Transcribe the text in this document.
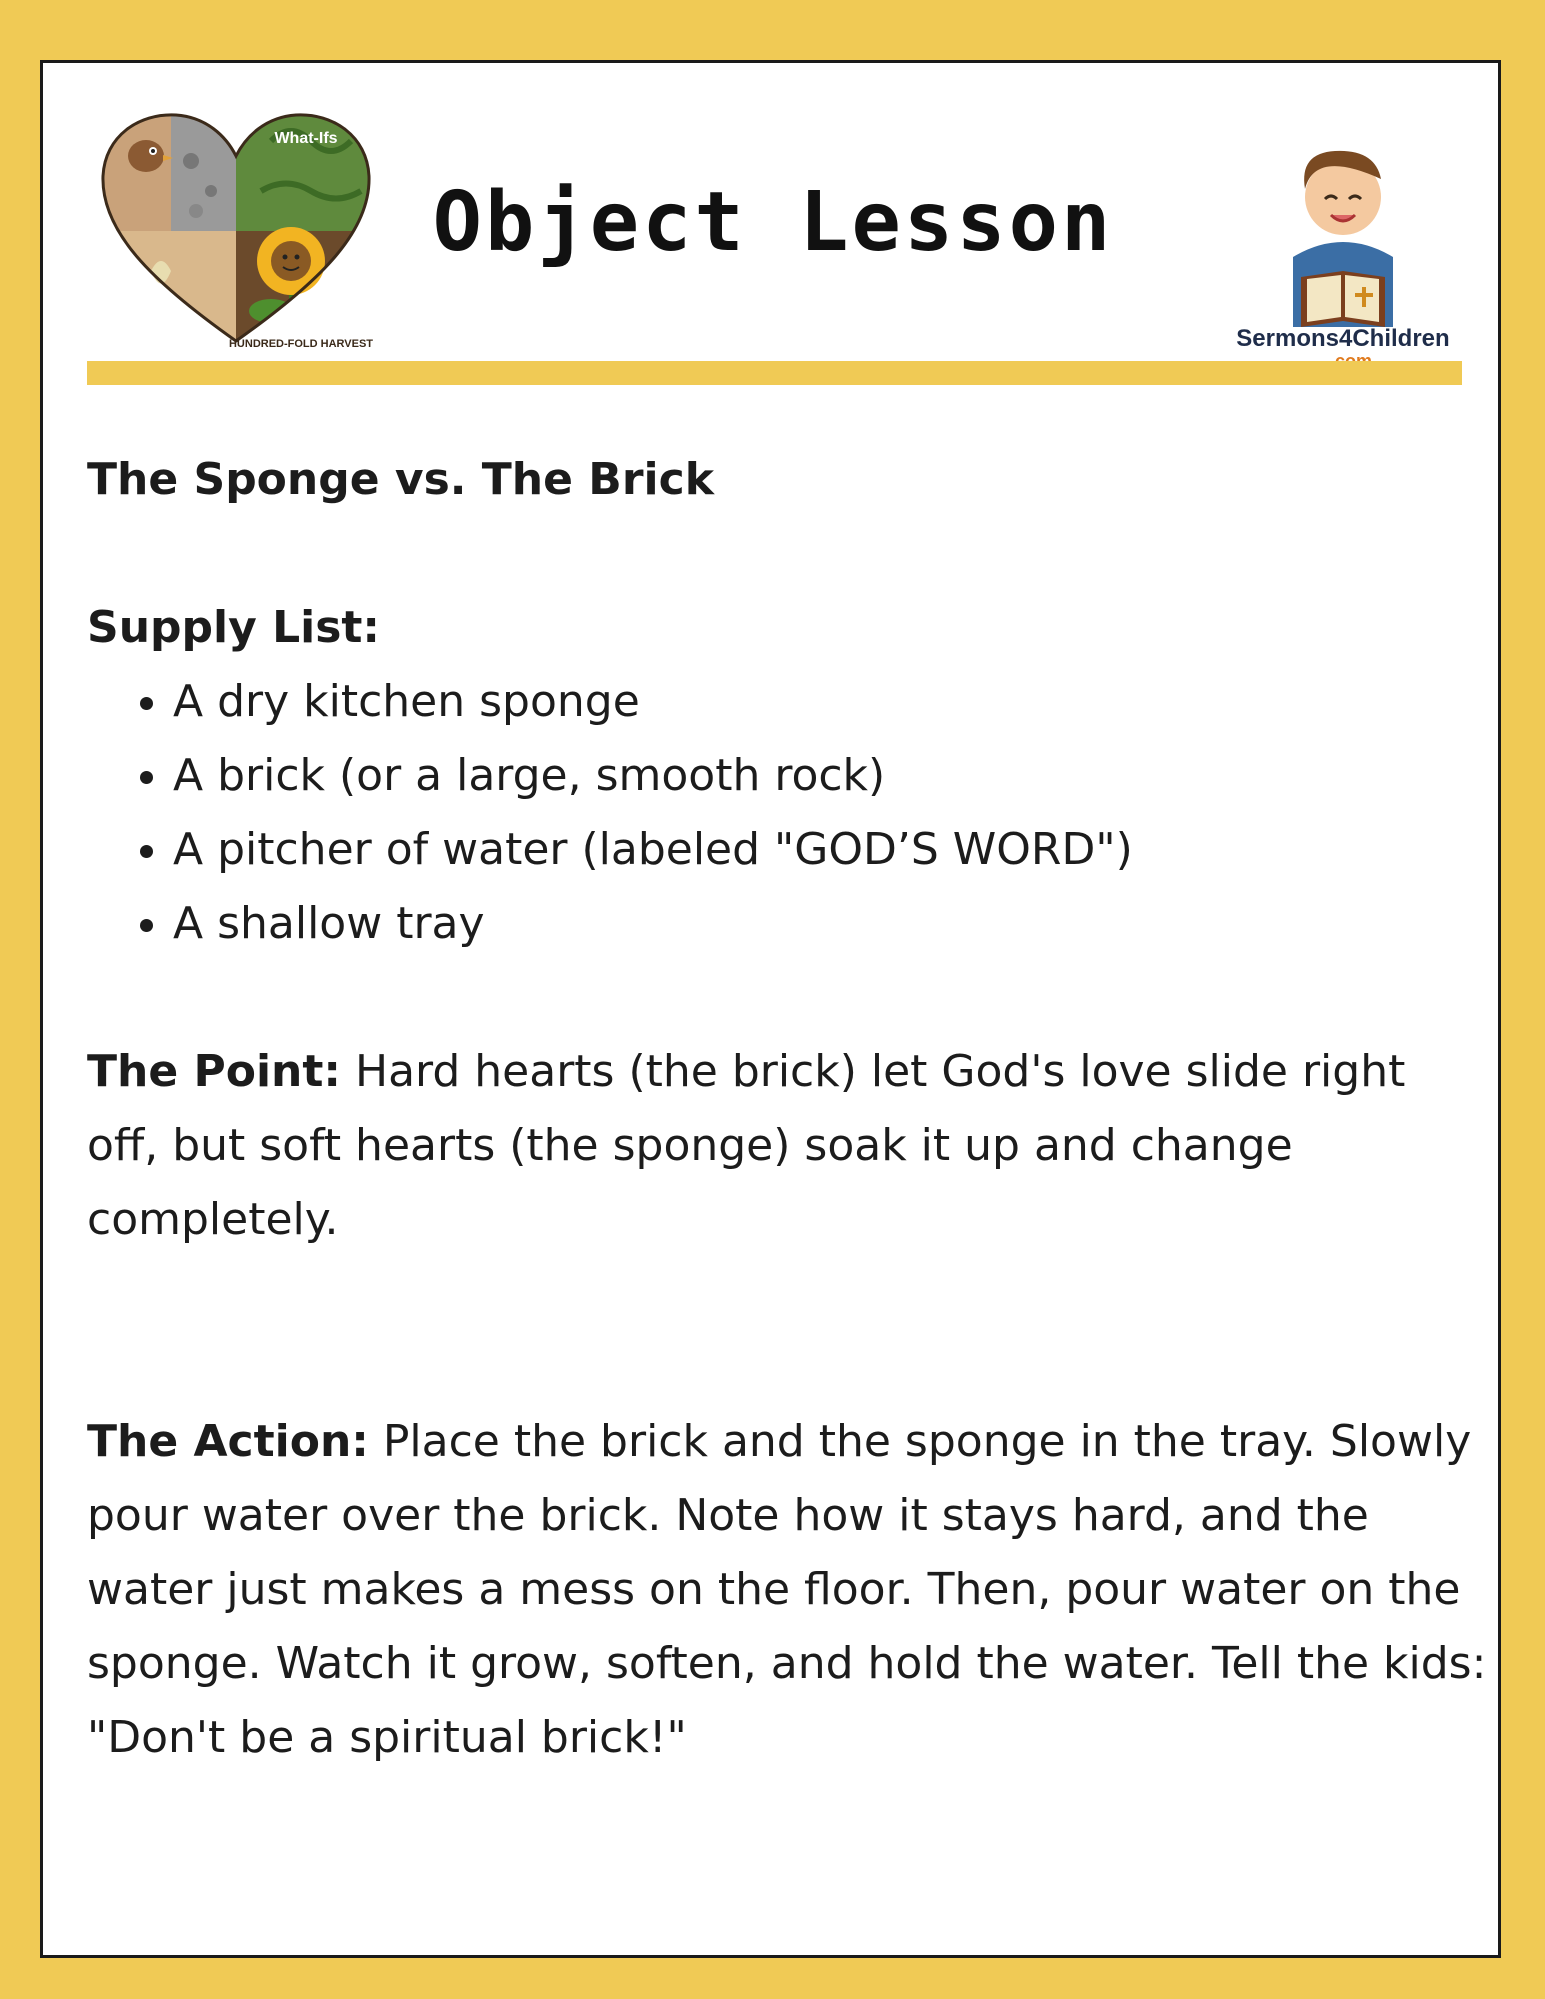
What-Ifs
HUNDRED-FOLD HARVEST
Object Lesson
Sermons4Children

The Sponge vs. The Brick

Supply List:

• A dry kitchen sponge
• A brick (or a large, smooth rock)
• A pitcher of water (labeled "GOD’S WORD")
• A shallow tray

The Point: Hard hearts (the brick) let God's love slide right off, but soft hearts (the sponge) soak it up and change completely.

The Action: Place the brick and the sponge in the tray. Slowly pour water over the brick. Note how it stays hard, and the water just makes a mess on the floor. Then, pour water on the sponge. Watch it grow, soften, and hold the water. Tell the kids: "Don't be a spiritual brick!"
